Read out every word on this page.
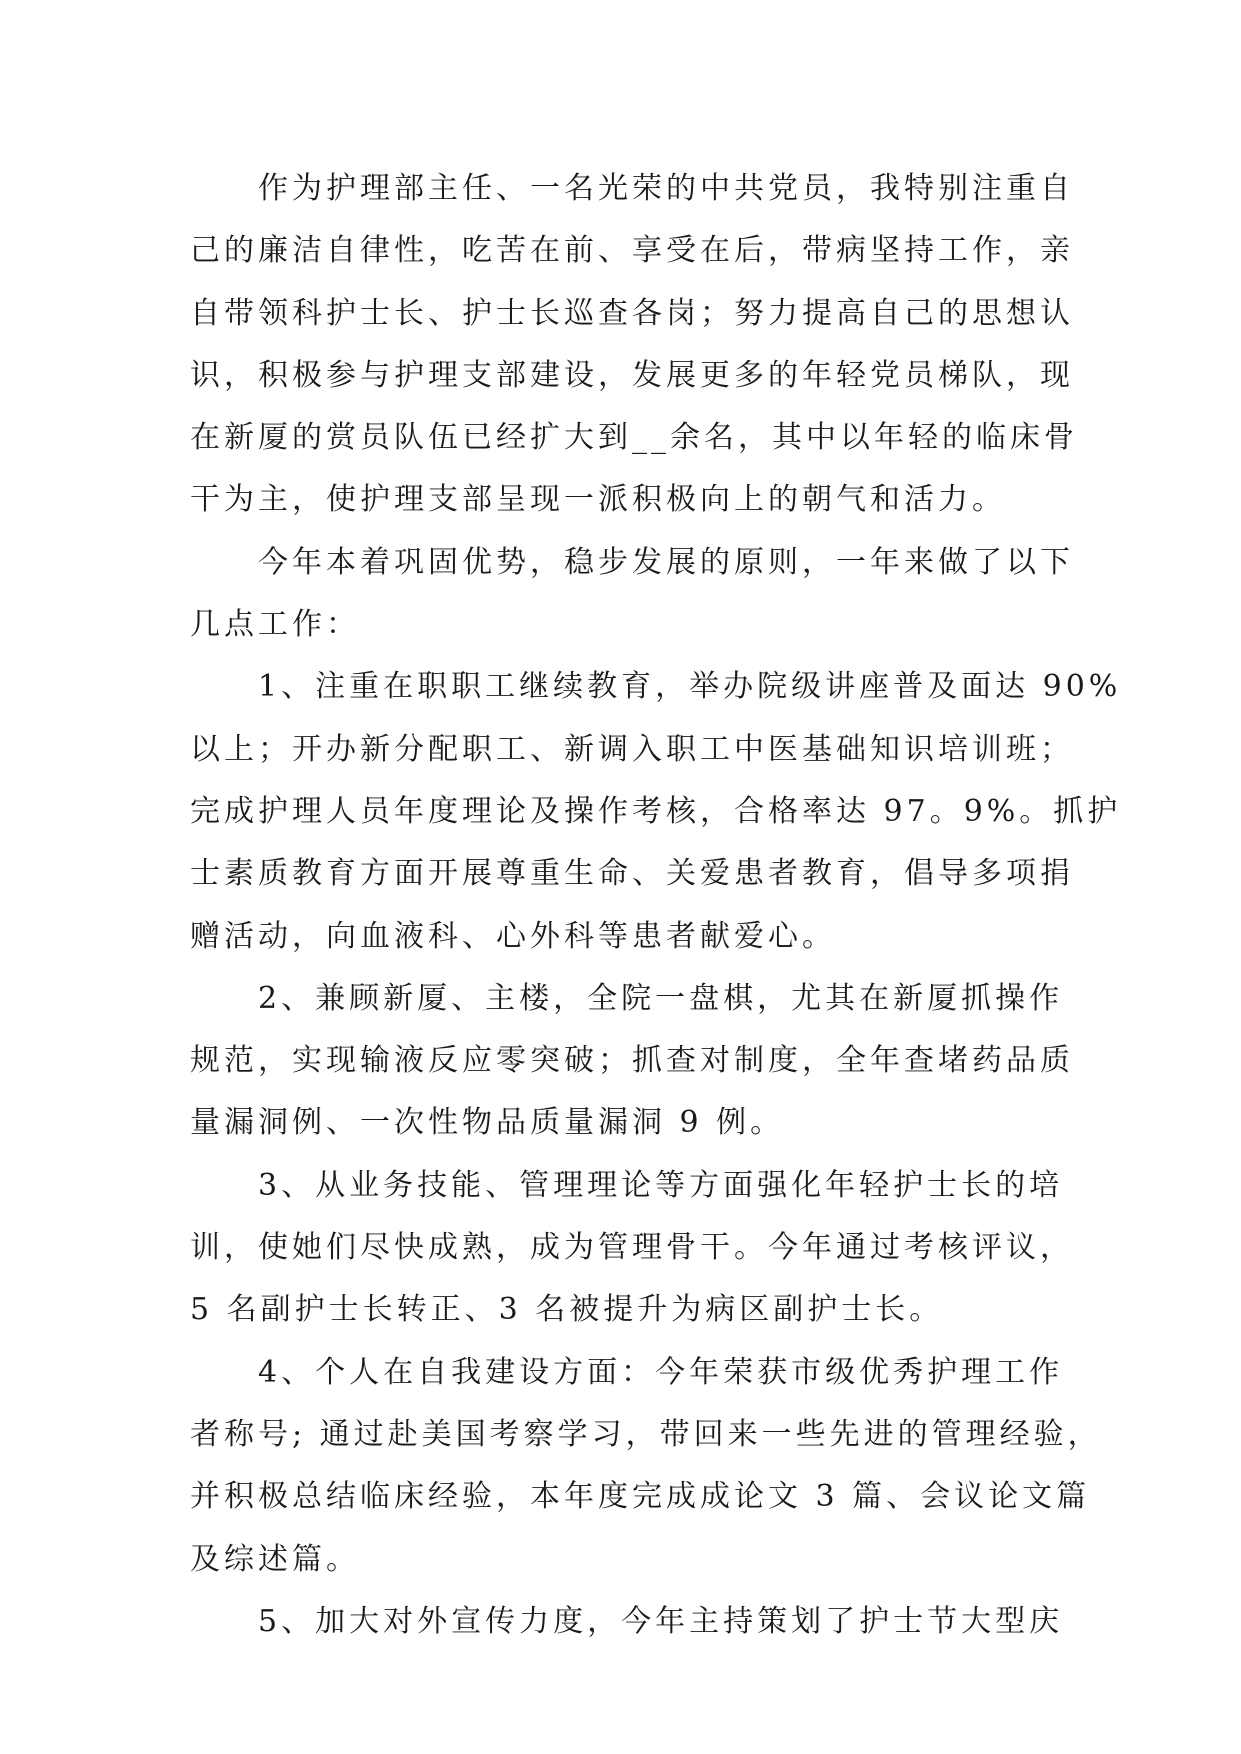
作为护理部主任、一名光荣的中共党员，我特别注重自
己的廉洁自律性，吃苦在前、享受在后，带病坚持工作，亲
自带领科护士长、护士长巡查各岗；努力提高自己的思想认
识，积极参与护理支部建设，发展更多的年轻党员梯队，现
在新厦的赏员队伍已经扩大到__余名，其中以年轻的临床骨
干为主，使护理支部呈现一派积极向上的朝气和活力。
今年本着巩固优势，稳步发展的原则，一年来做了以下
几点工作：
1、注重在职职工继续教育，举办院级讲座普及面达 90%
以上；开办新分配职工、新调入职工中医基础知识培训班；
完成护理人员年度理论及操作考核，合格率达 97。9%。抓护
士素质教育方面开展尊重生命、关爱患者教育，倡导多项捐
赠活动，向血液科、心外科等患者献爱心。
2、兼顾新厦、主楼，全院一盘棋，尤其在新厦抓操作
规范，实现输液反应零突破；抓查对制度，全年查堵药品质
量漏洞例、一次性物品质量漏洞 9 例。
3、从业务技能、管理理论等方面强化年轻护士长的培
训，使她们尽快成熟，成为管理骨干。今年通过考核评议，
5 名副护士长转正、3 名被提升为病区副护士长。
4、个人在自我建设方面：今年荣获市级优秀护理工作
者称号; 通过赴美国考察学习，带回来一些先进的管理经验，
并积极总结临床经验，本年度完成成论文 3 篇、会议论文篇
及综述篇。
5、加大对外宣传力度，今年主持策划了护士节大型庆
